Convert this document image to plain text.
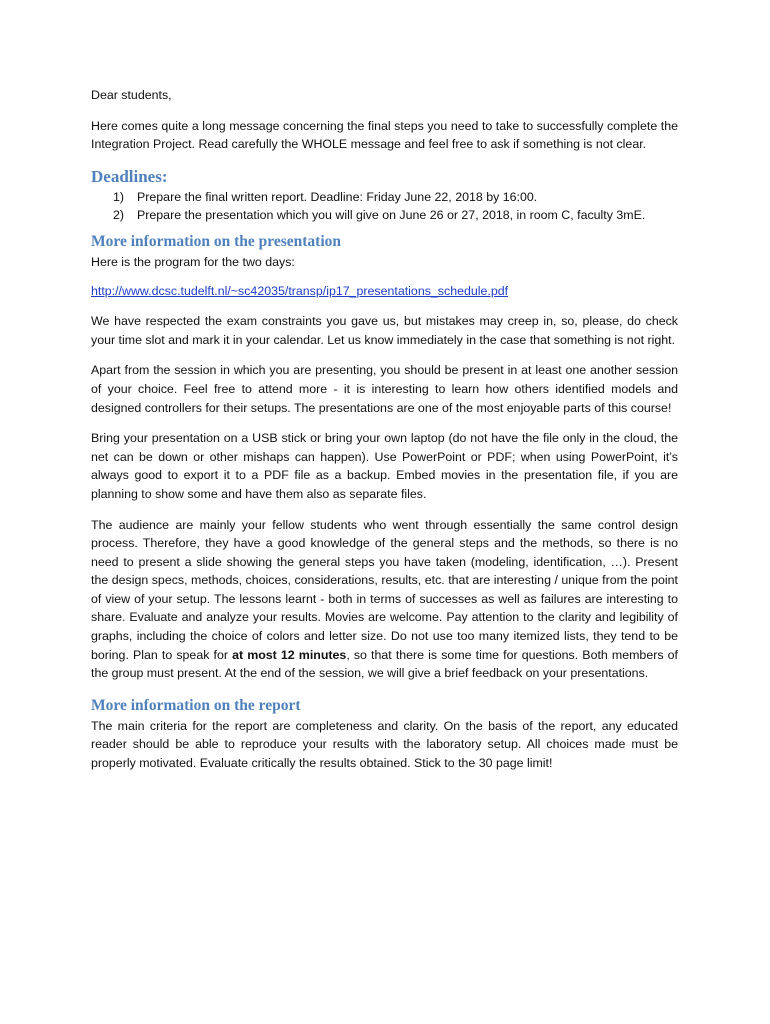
Dear students,
Here comes quite a long message concerning the final steps you need to take to successfully complete the Integration Project. Read carefully the WHOLE message and feel free to ask if something is not clear.
Deadlines:
1)	Prepare the final written report. Deadline: Friday June 22, 2018 by 16:00.
2)	Prepare the presentation which you will give on June 26 or 27, 2018, in room C, faculty 3mE.
More information on the presentation
Here is the program for the two days:
http://www.dcsc.tudelft.nl/~sc42035/transp/ip17_presentations_schedule.pdf
We have respected the exam constraints you gave us, but mistakes may creep in, so, please, do check your time slot and mark it in your calendar. Let us know immediately in the case that something is not right.
Apart from the session in which you are presenting, you should be present in at least one another session of your choice. Feel free to attend more - it is interesting to learn how others identified models and designed controllers for their setups. The presentations are one of the most enjoyable parts of this course!
Bring your presentation on a USB stick or bring your own laptop (do not have the file only in the cloud, the net can be down or other mishaps can happen). Use PowerPoint or PDF; when using PowerPoint, it’s always good to export it to a PDF file as a backup. Embed movies in the presentation file, if you are planning to show some and have them also as separate files.
The audience are mainly your fellow students who went through essentially the same control design process. Therefore, they have a good knowledge of the general steps and the methods, so there is no need to present a slide showing the general steps you have taken (modeling, identification, …). Present the design specs, methods, choices, considerations, results, etc. that are interesting / unique from the point of view of your setup. The lessons learnt - both in terms of successes as well as failures are interesting to share. Evaluate and analyze your results. Movies are welcome. Pay attention to the clarity and legibility of graphs, including the choice of colors and letter size. Do not use too many itemized lists, they tend to be boring. Plan to speak for at most 12 minutes, so that there is some time for questions. Both members of the group must present. At the end of the session, we will give a brief feedback on your presentations.
More information on the report
The main criteria for the report are completeness and clarity. On the basis of the report, any educated reader should be able to reproduce your results with the laboratory setup. All choices made must be properly motivated. Evaluate critically the results obtained. Stick to the 30 page limit!
